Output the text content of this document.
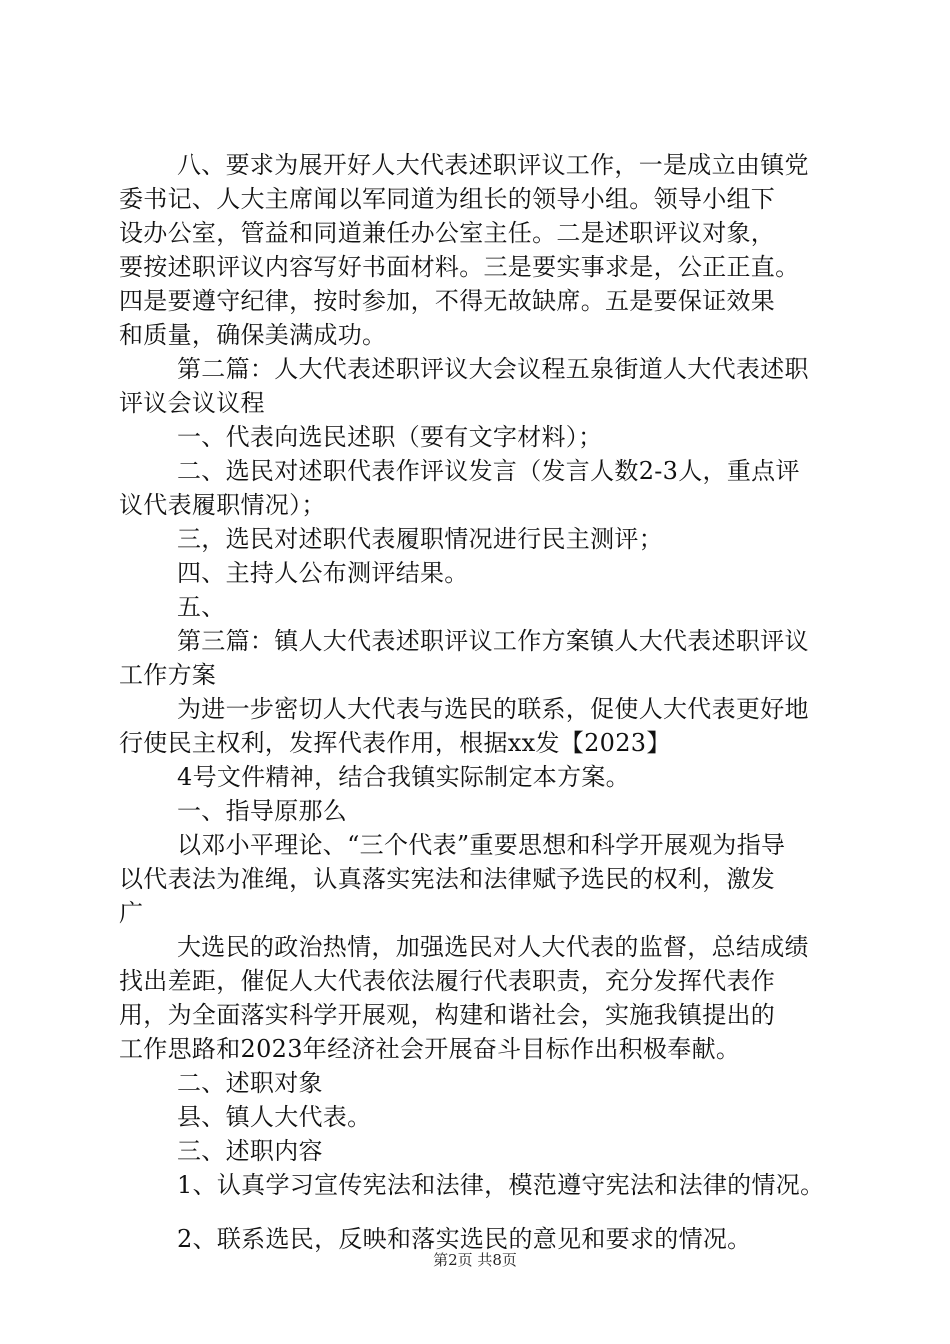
八、要求为展开好人大代表述职评议工作，一是成立由镇党
委书记、人大主席闻以军同道为组长的领导小组。领导小组下
设办公室，管益和同道兼任办公室主任。二是述职评议对象，
要按述职评议内容写好书面材料。三是要实事求是，公正正直。
四是要遵守纪律，按时参加，不得无故缺席。五是要保证效果
和质量，确保美满成功。
第二篇：人大代表述职评议大会议程五泉街道人大代表述职
评议会议议程
一、代表向选民述职（要有文字材料）；
二、选民对述职代表作评议发言（发言人数2-3人，重点评
议代表履职情况）；
三，选民对述职代表履职情况进行民主测评；
四、主持人公布测评结果。
五、
第三篇：镇人大代表述职评议工作方案镇人大代表述职评议
工作方案
为进一步密切人大代表与选民的联系，促使人大代表更好地
行使民主权利，发挥代表作用，根据xx发【2023】
4号文件精神，结合我镇实际制定本方案。
一、指导原那么
以邓小平理论、“三个代表”重要思想和科学开展观为指导
以代表法为准绳，认真落实宪法和法律赋予选民的权利，激发
广
大选民的政治热情，加强选民对人大代表的监督，总结成绩
找出差距，催促人大代表依法履行代表职责，充分发挥代表作
用，为全面落实科学开展观，构建和谐社会，实施我镇提出的
工作思路和2023年经济社会开展奋斗目标作出积极奉献。
二、述职对象
县、镇人大代表。
三、述职内容
1、认真学习宣传宪法和法律，模范遵守宪法和法律的情况。
2、联系选民，反映和落实选民的意见和要求的情况。
第2页 共8页
